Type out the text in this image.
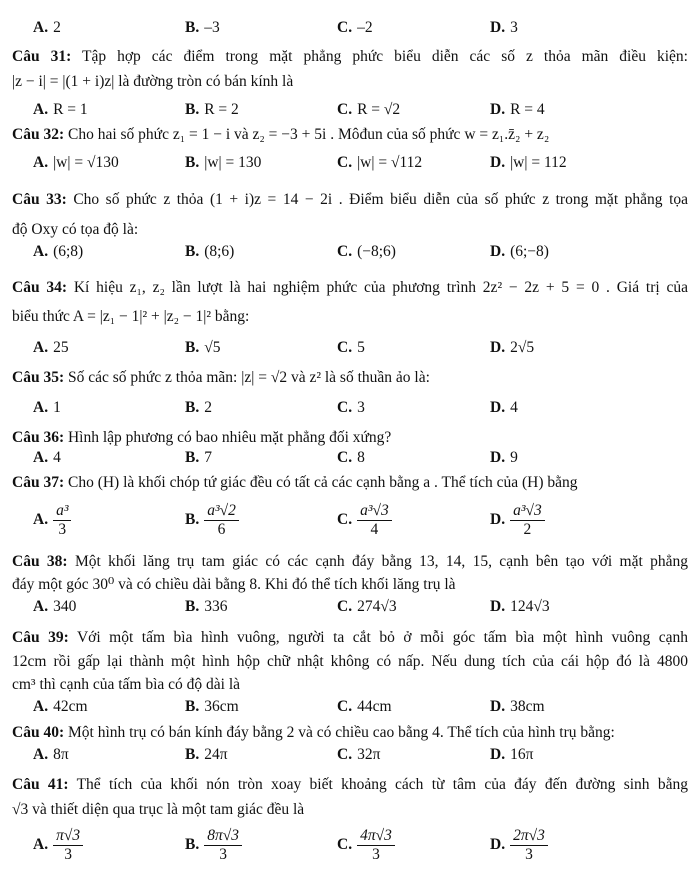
A. 2	B. –3	C. –2	D. 3
Câu 31: Tập hợp các điểm trong mặt phẳng phức biểu diễn các số z thỏa mãn điều kiện:
|z − i| = |(1 + i)z| là đường tròn có bán kính là
A. R = 1	B. R = 2	C. R = √2	D. R = 4
Câu 32: Cho hai số phức z₁ = 1 − i và z₂ = −3 + 5i . Môđun của số phức w = z₁.z̄₂ + z₂
A. |w| = √130	B. |w| = 130	C. |w| = √112	D. |w| = 112
Câu 33: Cho số phức z thỏa (1 + i)z = 14 − 2i . Điểm biểu diễn của số phức z trong mặt phẳng tọa
độ Oxy có tọa độ là:
A. (6;8)	B. (8;6)	C. (−8;6)	D. (6;−8)
Câu 34: Kí hiệu z₁, z₂ lần lượt là hai nghiệm phức của phương trình 2z² − 2z + 5 = 0 . Giá trị của
biểu thức A = |z₁ − 1|² + |z₂ − 1|² bằng:
A. 25	B. √5	C. 5	D. 2√5
Câu 35: Số các số phức z thỏa mãn: |z| = √2 và z² là số thuần ảo là:
A. 1	B. 2	C. 3	D. 4
Câu 36: Hình lập phương có bao nhiêu mặt phẳng đối xứng?
A. 4	B. 7	C. 8	D. 9
Câu 37: Cho (H) là khối chóp tứ giác đều có tất cả các cạnh bằng a . Thể tích của (H) bằng
A. $\frac{\text{a³}}{3}$	B. $\frac{\text{a³√2}}{6}$	C. $\frac{\text{a³√3}}{4}$	D. $\frac{\text{a³√3}}{2}$
Câu 38: Một khối lăng trụ tam giác có các cạnh đáy bằng 13, 14, 15, cạnh bên tạo với mặt phẳng
đáy một góc 30⁰ và có chiều dài bằng 8. Khi đó thể tích khối lăng trụ là
A. 340	B. 336	C. 274√3	D. 124√3
Câu 39: Với một tấm bìa hình vuông, người ta cắt bỏ ở mỗi góc tấm bìa một hình vuông cạnh
12cm rồi gấp lại thành một hình hộp chữ nhật không có nấp. Nếu dung tích của cái hộp đó là 4800
cm³ thì cạnh của tấm bìa có độ dài là
A. 42cm	B. 36cm	C. 44cm	D. 38cm
Câu 40: Một hình trụ có bán kính đáy bằng 2 và có chiều cao bằng 4. Thể tích của hình trụ bằng:
A. 8π	B. 24π	C. 32π	D. 16π
Câu 41: Thể tích của khối nón tròn xoay biết khoảng cách từ tâm của đáy đến đường sinh bằng
√3 và thiết diện qua trục là một tam giác đều là
A. $\frac{\pi√3}{3}$	B. $\frac{8\pi√3}{3}$	C. $\frac{4\pi√3}{3}$	D. $\frac{2\pi√3}{3}$
